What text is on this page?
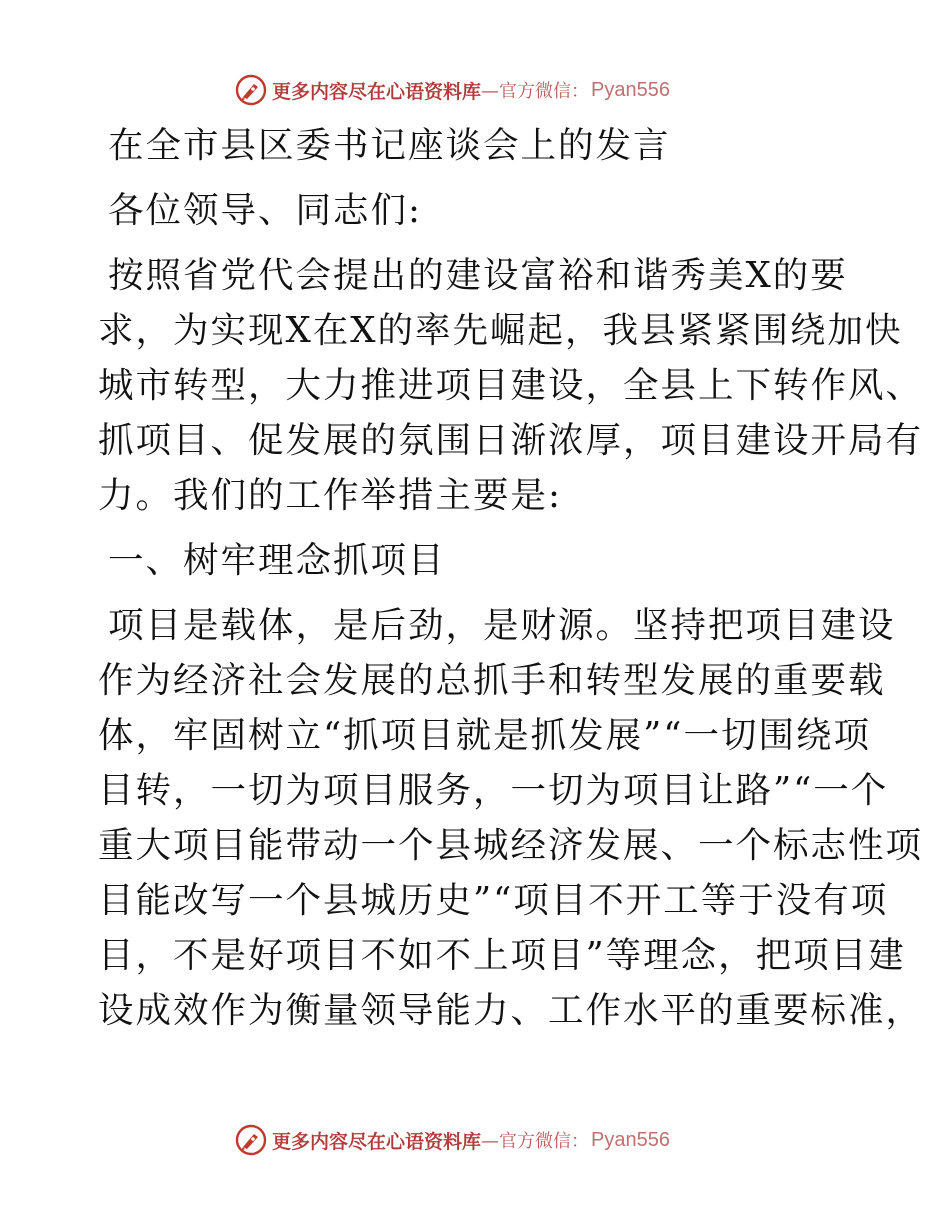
更多内容尽在心语资料库 —官方微信： Pyan556
在全市县区委书记座谈会上的发言
各位领导、同志们:
按照省党代会提出的建设富裕和谐秀美X的要
求，为实现X在X的率先崛起，我县紧紧围绕加快
城市转型，大力推进项目建设，全县上下转作风、
抓项目、促发展的氛围日渐浓厚，项目建设开局有
力。我们的工作举措主要是:
一、树牢理念抓项目
项目是载体，是后劲，是财源。坚持把项目建设
作为经济社会发展的总抓手和转型发展的重要载
体，牢固树立“抓项目就是抓发展”“一切围绕项
目转，一切为项目服务，一切为项目让路”“一个
重大项目能带动一个县城经济发展、一个标志性项
目能改写一个县城历史”“项目不开工等于没有项
目，不是好项目不如不上项目”等理念，把项目建
设成效作为衡量领导能力、工作水平的重要标准，
更多内容尽在心语资料库 —官方微信： Pyan556
